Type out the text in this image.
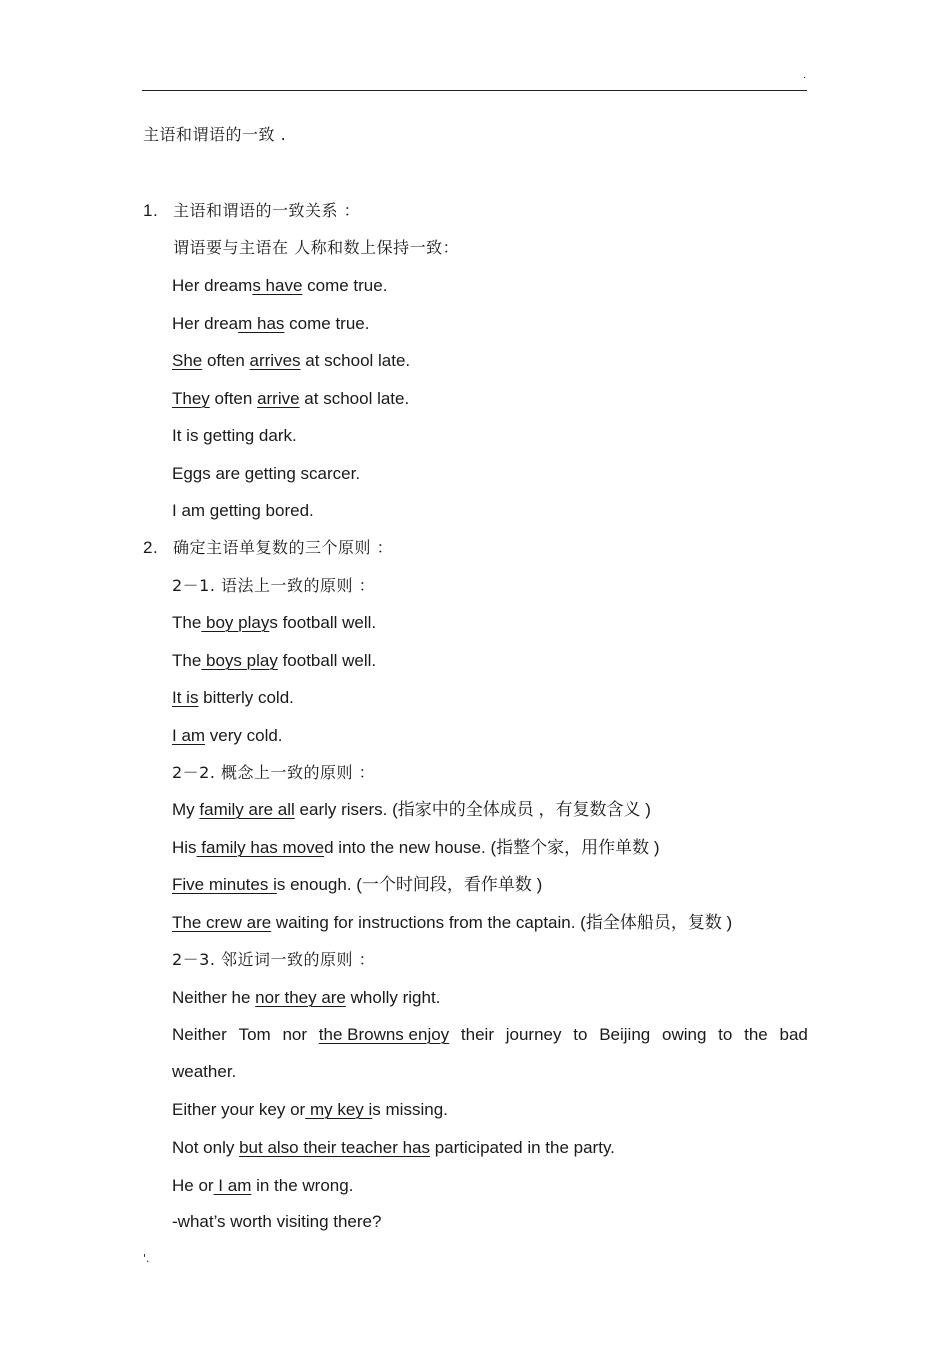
.
主语和谓语的一致 .
1. 主语和谓语的一致关系 ：
谓语要与主语在 人称和数上保持一致：
Her dreams have come true.
Her dream has come true.
She often arrives at school late.
They often arrive at school late.
It is getting dark.
Eggs are getting scarcer.
I am getting bored.
2. 确定主语单复数的三个原则 ：
2－1. 语法上一致的原则 ：
The boy plays football well.
The boys play football well.
It is bitterly cold.
I am very cold.
2－2. 概念上一致的原则 ：
My family are all early risers. (指家中的全体成员 ，有复数含义 )
His family has moved into the new house. (指整个家，用作单数 )
Five minutes is enough. (一个时间段，看作单数 )
The crew are waiting for instructions from the captain. (指全体船员，复数 )
2－3. 邻近词一致的原则 ：
Neither he nor they are wholly right.
Neither Tom nor the Browns enjoy their journey to Beijing owing to the bad
weather.
Either your key or my key is missing.
Not only but also their teacher has participated in the party.
He or I am in the wrong.
-what’s worth visiting there?
'.
